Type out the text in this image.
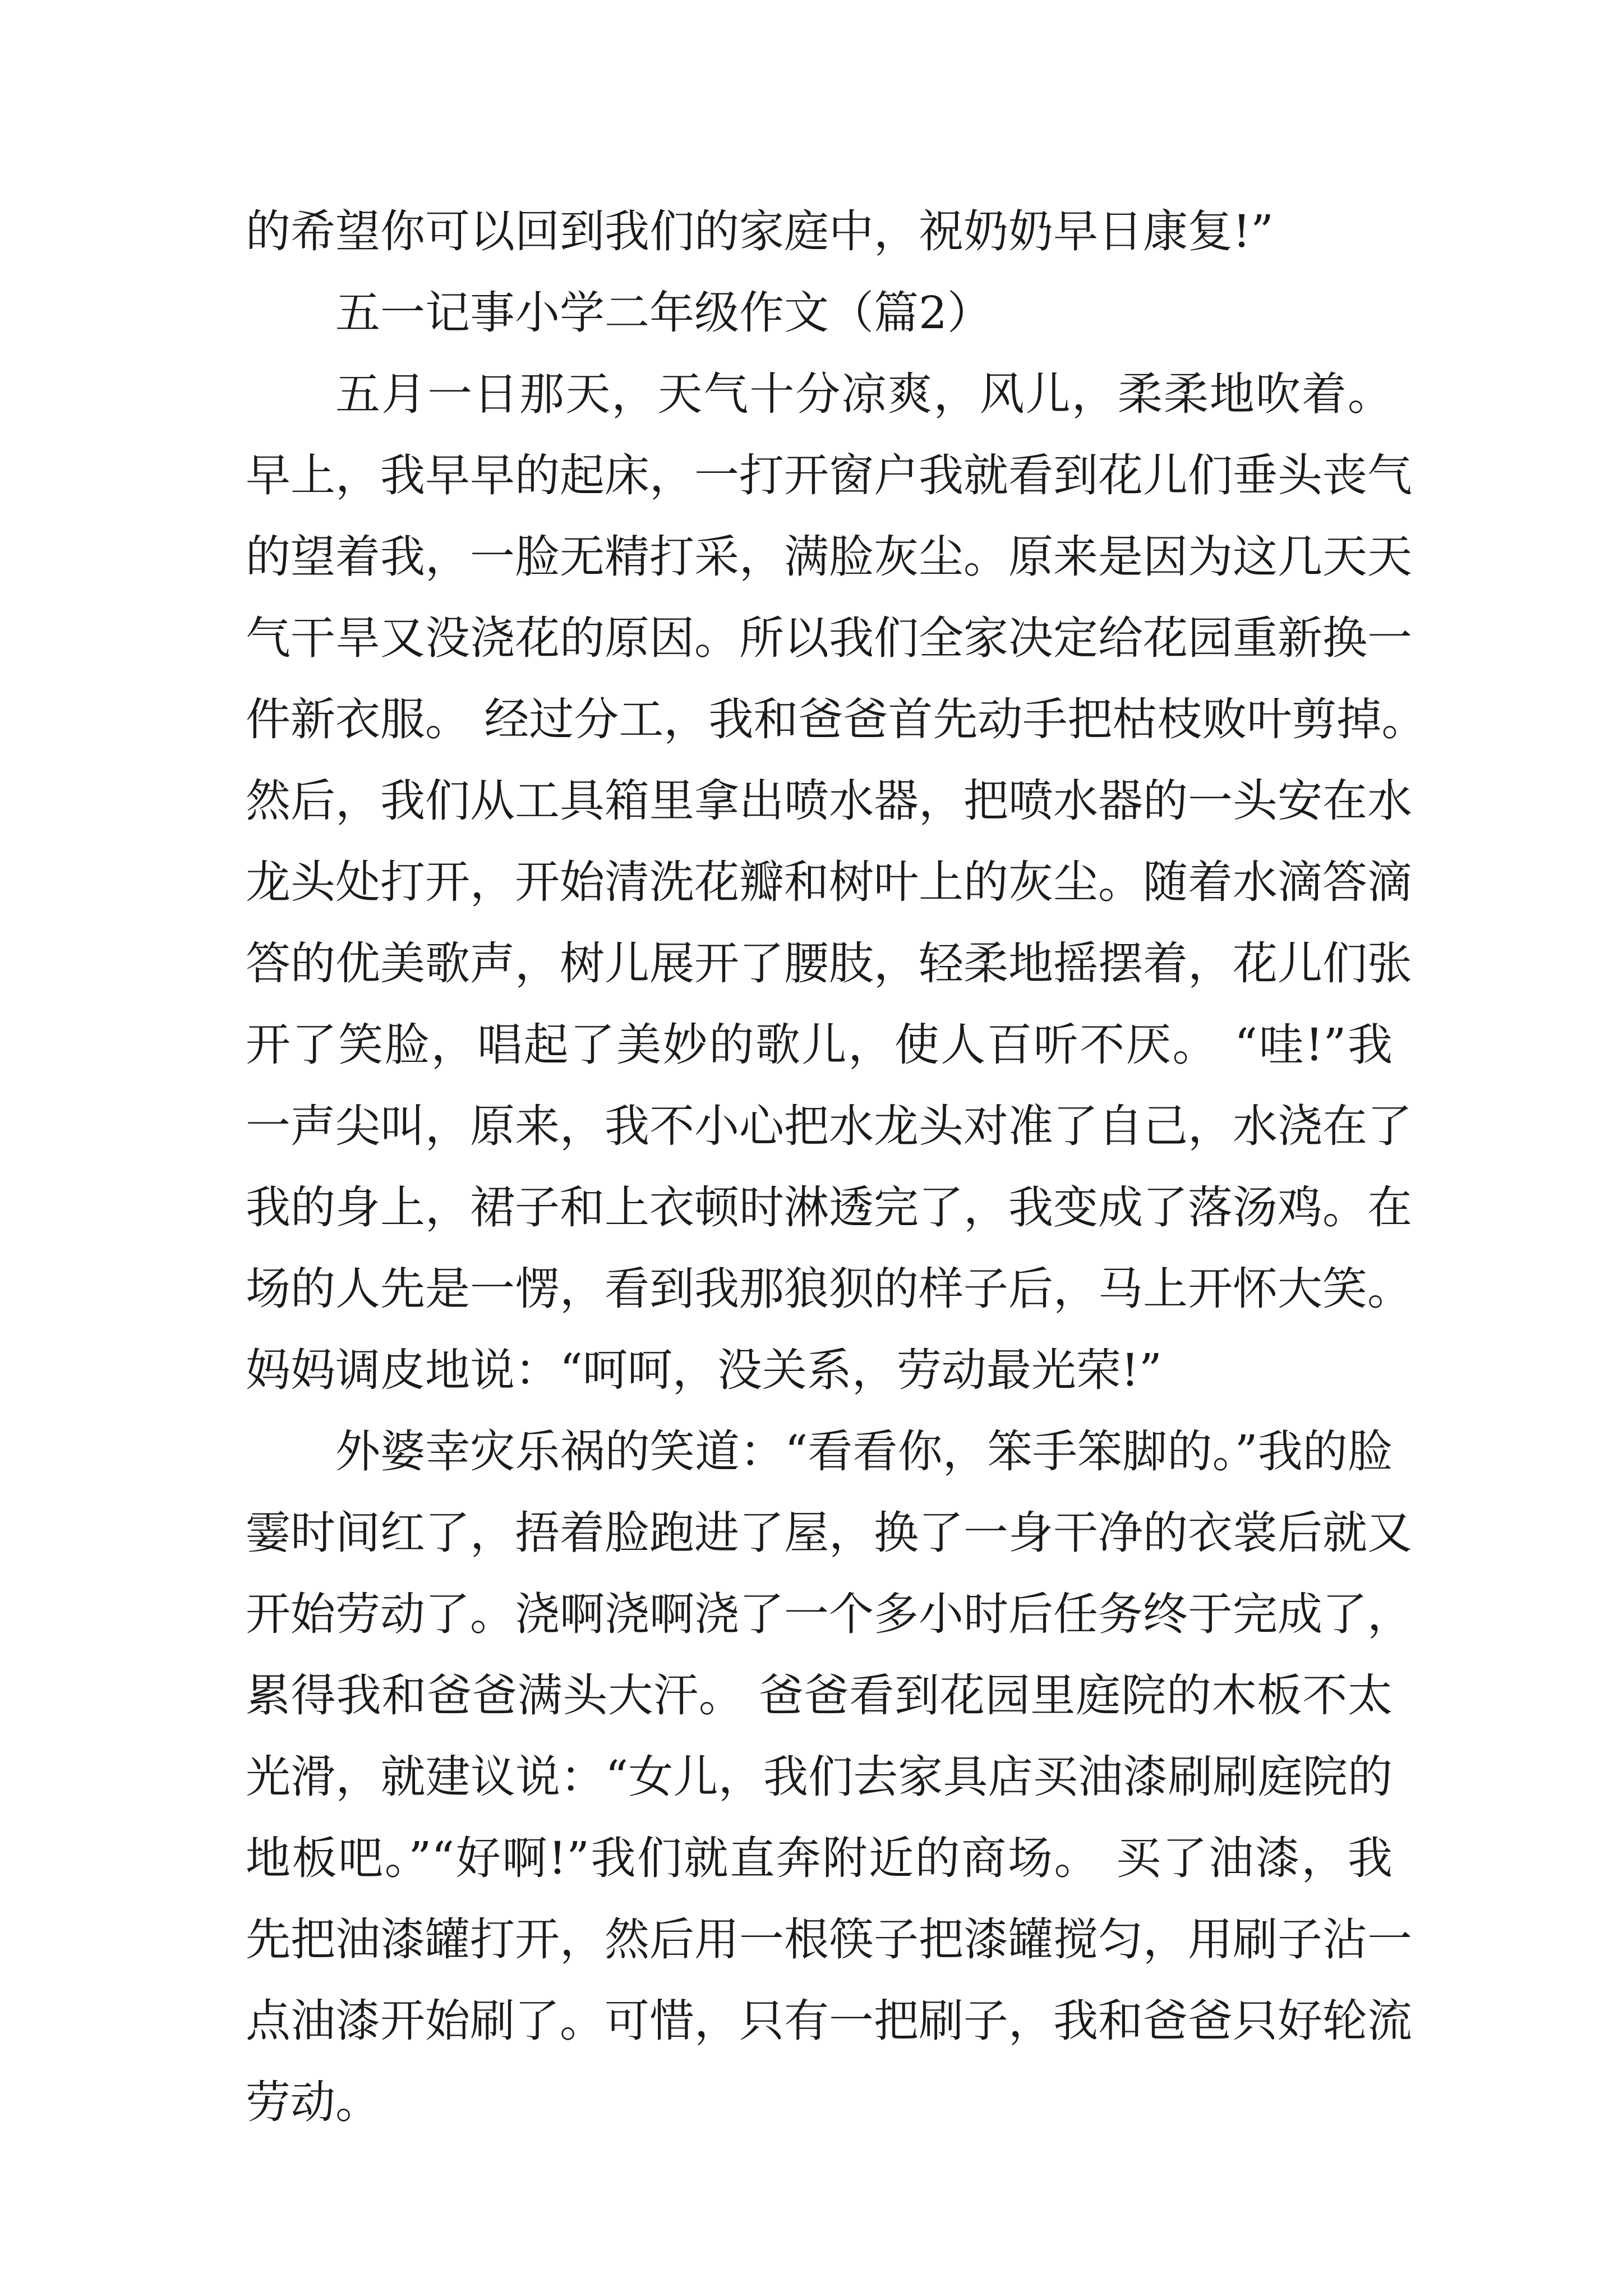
的希望你可以回到我们的家庭中，祝奶奶早日康复!”
五一记事小学二年级作文（篇2）
五月一日那天，天气十分凉爽，风儿，柔柔地吹着。
早上，我早早的起床，一打开窗户我就看到花儿们垂头丧气
的望着我，一脸无精打采，满脸灰尘。原来是因为这几天天
气干旱又没浇花的原因。所以我们全家决定给花园重新换一
件新衣服。 经过分工，我和爸爸首先动手把枯枝败叶剪掉。
然后，我们从工具箱里拿出喷水器，把喷水器的一头安在水
龙头处打开，开始清洗花瓣和树叶上的灰尘。随着水滴答滴
答的优美歌声，树儿展开了腰肢，轻柔地摇摆着，花儿们张
开了笑脸，唱起了美妙的歌儿，使人百听不厌。 “哇!”我
一声尖叫，原来，我不小心把水龙头对准了自己，水浇在了
我的身上，裙子和上衣顿时淋透完了，我变成了落汤鸡。在
场的人先是一愣，看到我那狼狈的样子后，马上开怀大笑。
妈妈调皮地说：“呵呵，没关系，劳动最光荣!”
外婆幸灾乐祸的笑道：“看看你，笨手笨脚的。”我的脸
霎时间红了，捂着脸跑进了屋，换了一身干净的衣裳后就又
开始劳动了。浇啊浇啊浇了一个多小时后任务终于完成了，
累得我和爸爸满头大汗。 爸爸看到花园里庭院的木板不太
光滑，就建议说：“女儿，我们去家具店买油漆刷刷庭院的
地板吧。”“好啊!”我们就直奔附近的商场。 买了油漆，我
先把油漆罐打开，然后用一根筷子把漆罐搅匀，用刷子沾一
点油漆开始刷了。可惜，只有一把刷子，我和爸爸只好轮流
劳动。
